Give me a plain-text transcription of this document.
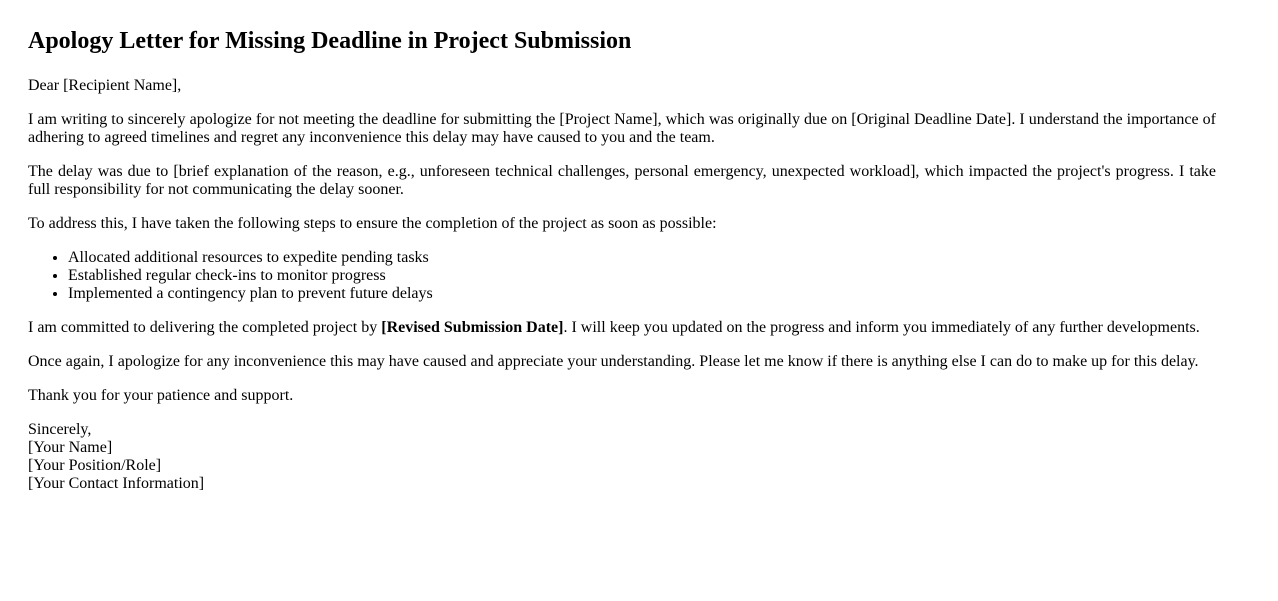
Apology Letter for Missing Deadline in Project Submission

Dear [Recipient Name],

I am writing to sincerely apologize for not meeting the deadline for submitting the [Project Name], which was originally due on [Original Deadline Date]. I understand the importance of adhering to agreed timelines and regret any inconvenience this delay may have caused to you and the team.

The delay was due to [brief explanation of the reason, e.g., unforeseen technical challenges, personal emergency, unexpected workload], which impacted the project's progress. I take full responsibility for not communicating the delay sooner.

To address this, I have taken the following steps to ensure the completion of the project as soon as possible:

• Allocated additional resources to expedite pending tasks
• Established regular check-ins to monitor progress
• Implemented a contingency plan to prevent future delays

I am committed to delivering the completed project by [Revised Submission Date]. I will keep you updated on the progress and inform you immediately of any further developments.

Once again, I apologize for any inconvenience this may have caused and appreciate your understanding. Please let me know if there is anything else I can do to make up for this delay.

Thank you for your patience and support.

Sincerely,
[Your Name]
[Your Position/Role]
[Your Contact Information]
